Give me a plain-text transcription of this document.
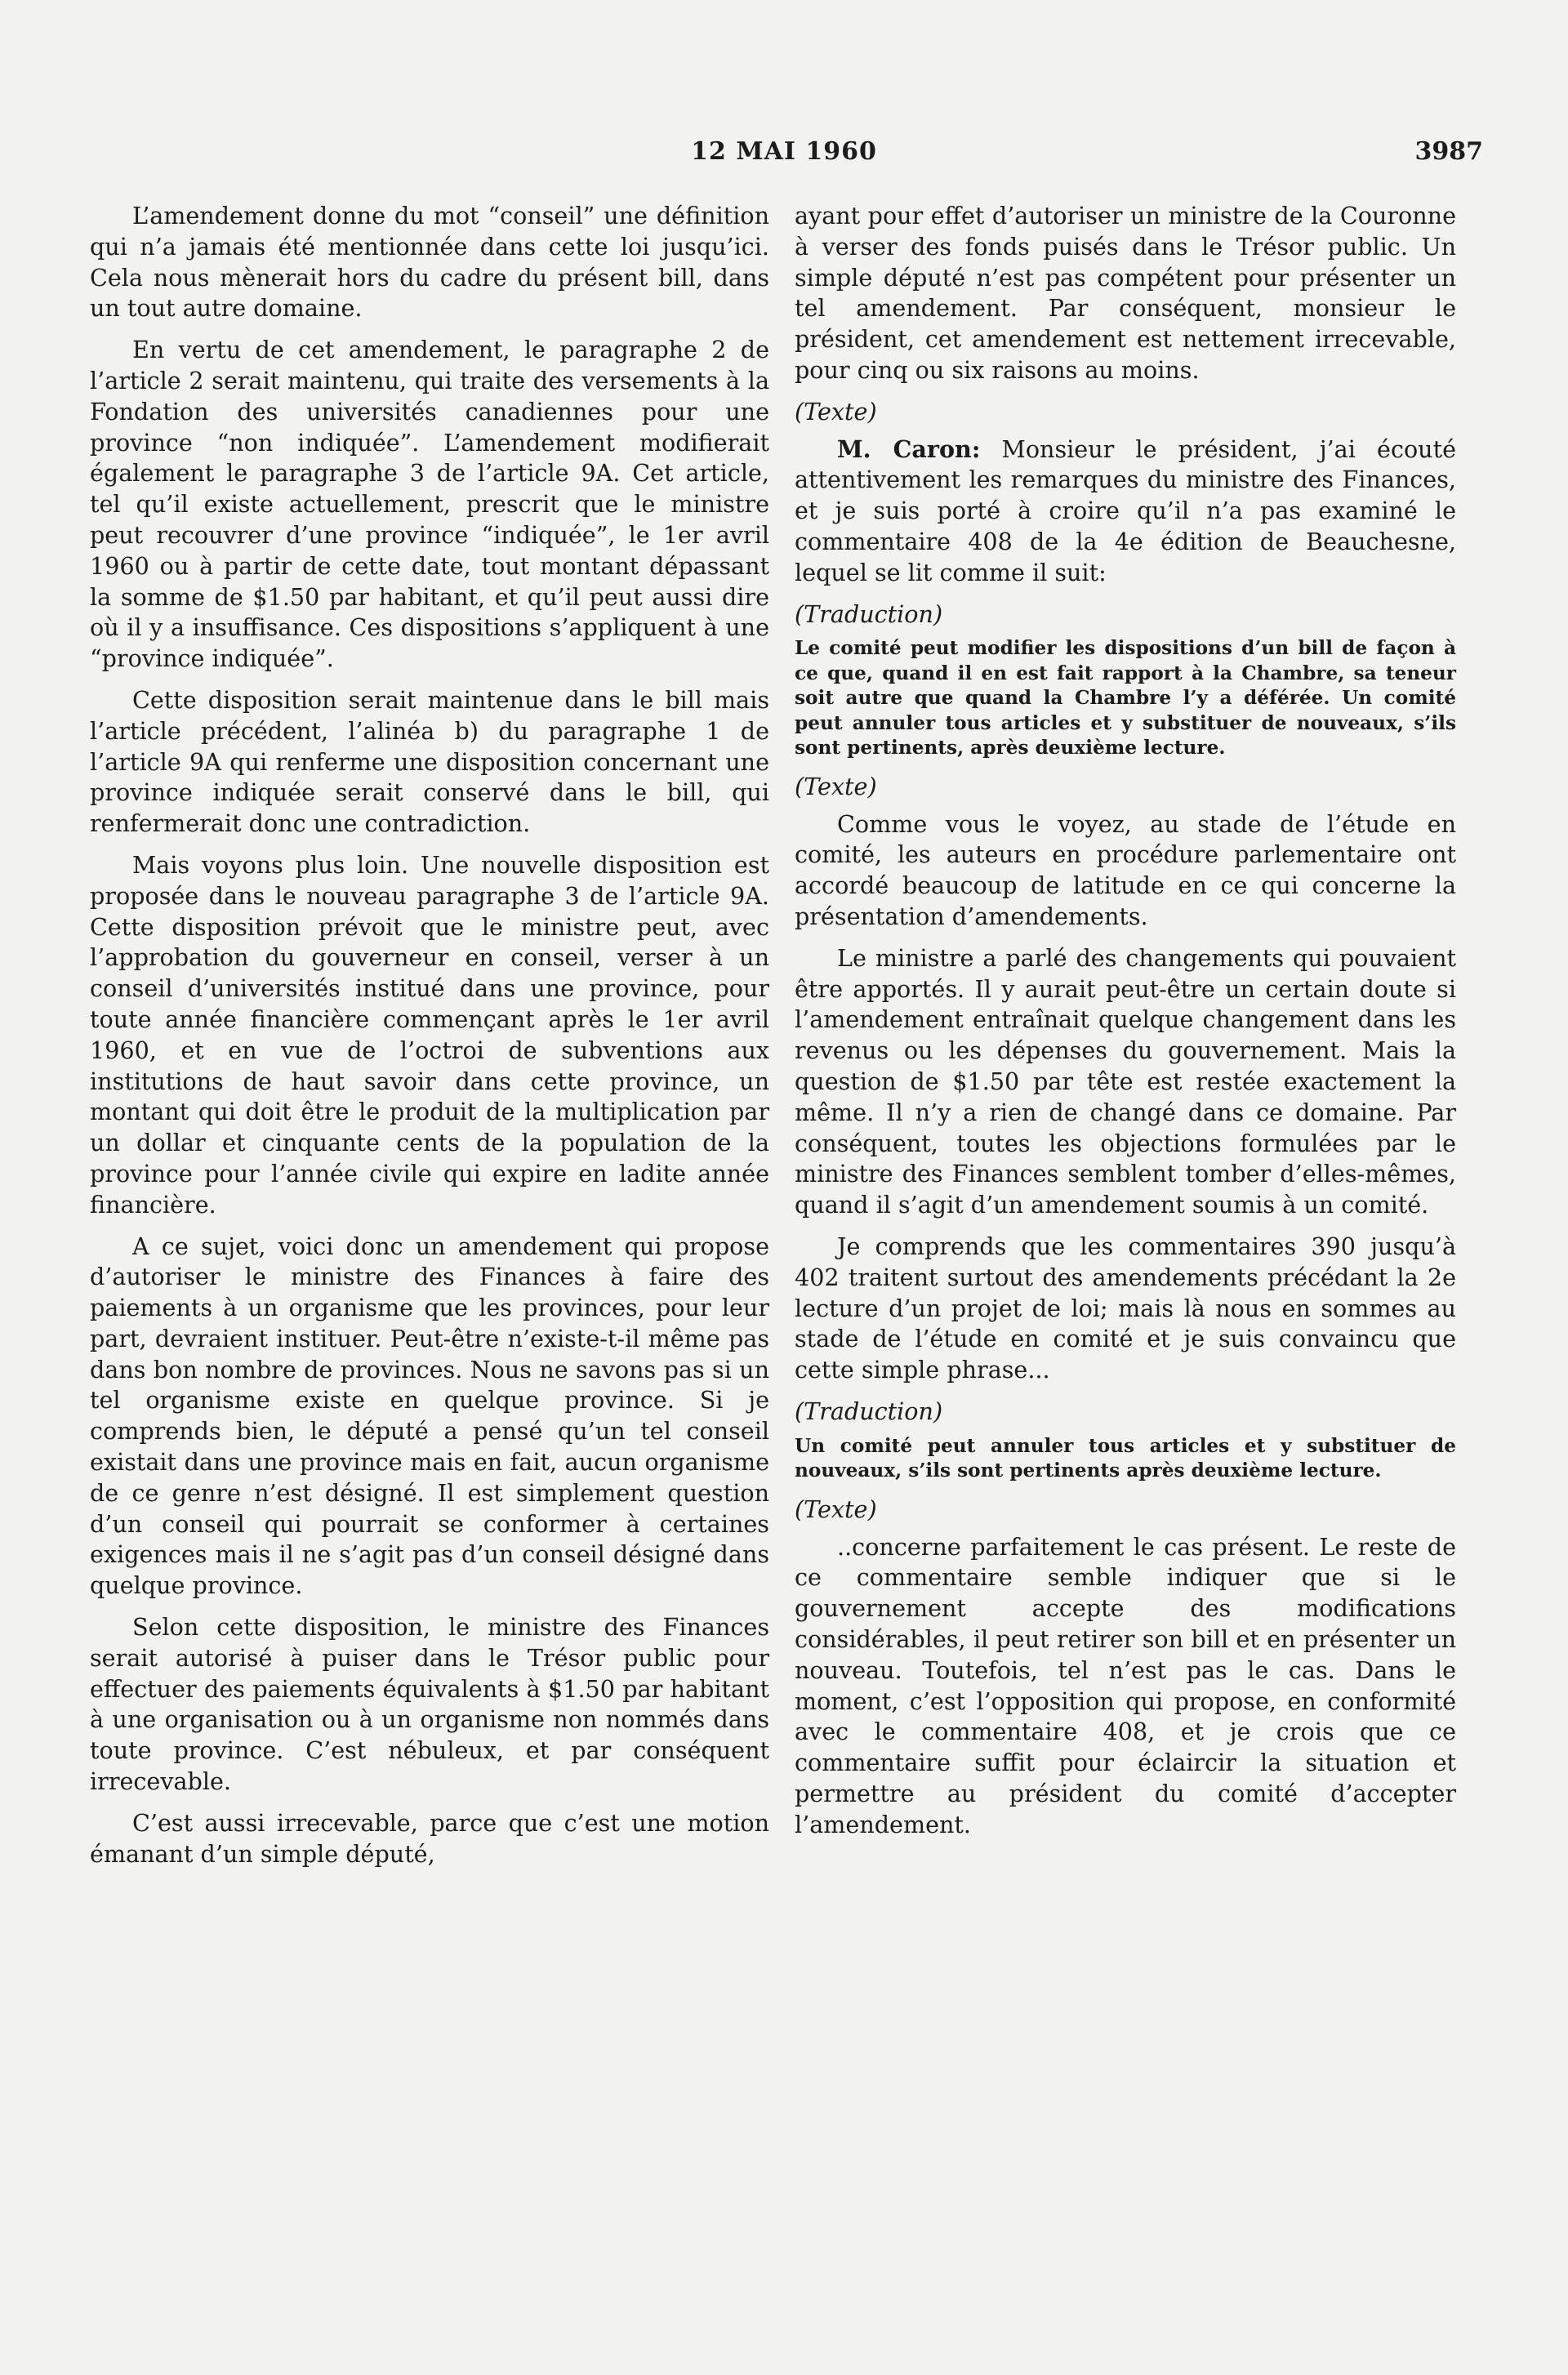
12 MAI 1960	3987

L’amendement donne du mot “conseil” une définition qui n’a jamais été mentionnée dans cette loi jusqu’ici. Cela nous mènerait hors du cadre du présent bill, dans un tout autre domaine.

En vertu de cet amendement, le paragraphe 2 de l’article 2 serait maintenu, qui traite des versements à la Fondation des universités canadiennes pour une province “non indiquée”. L’amendement modifierait également le paragraphe 3 de l’article 9A. Cet article, tel qu’il existe actuellement, prescrit que le ministre peut recouvrer d’une province “indiquée”, le 1er avril 1960 ou à partir de cette date, tout montant dépassant la somme de $1.50 par habitant, et qu’il peut aussi dire où il y a insuffisance. Ces dispositions s’appliquent à une “province indiquée”.

Cette disposition serait maintenue dans le bill mais l’article précédent, l’alinéa b) du paragraphe 1 de l’article 9A qui renferme une disposition concernant une province indiquée serait conservé dans le bill, qui renfermerait donc une contradiction.

Mais voyons plus loin. Une nouvelle disposition est proposée dans le nouveau paragraphe 3 de l’article 9A. Cette disposition prévoit que le ministre peut, avec l’approbation du gouverneur en conseil, verser à un conseil d’universités institué dans une province, pour toute année financière commençant après le 1er avril 1960, et en vue de l’octroi de subventions aux institutions de haut savoir dans cette province, un montant qui doit être le produit de la multiplication par un dollar et cinquante cents de la population de la province pour l’année civile qui expire en ladite année financière.

A ce sujet, voici donc un amendement qui propose d’autoriser le ministre des Finances à faire des paiements à un organisme que les provinces, pour leur part, devraient instituer. Peut-être n’existe-t-il même pas dans bon nombre de provinces. Nous ne savons pas si un tel organisme existe en quelque province. Si je comprends bien, le député a pensé qu’un tel conseil existait dans une province mais en fait, aucun organisme de ce genre n’est désigné. Il est simplement question d’un conseil qui pourrait se conformer à certaines exigences mais il ne s’agit pas d’un conseil désigné dans quelque province.

Selon cette disposition, le ministre des Finances serait autorisé à puiser dans le Trésor public pour effectuer des paiements équivalents à $1.50 par habitant à une organisation ou à un organisme non nommés dans toute province. C’est nébuleux, et par conséquent irrecevable.

C’est aussi irrecevable, parce que c’est une motion émanant d’un simple député,

ayant pour effet d’autoriser un ministre de la Couronne à verser des fonds puisés dans le Trésor public. Un simple député n’est pas compétent pour présenter un tel amendement. Par conséquent, monsieur le président, cet amendement est nettement irrecevable, pour cinq ou six raisons au moins.

(Texte)

M. Caron: Monsieur le président, j’ai écouté attentivement les remarques du ministre des Finances, et je suis porté à croire qu’il n’a pas examiné le commentaire 408 de la 4e édition de Beauchesne, lequel se lit comme il suit:

(Traduction)

Le comité peut modifier les dispositions d’un bill de façon à ce que, quand il en est fait rapport à la Chambre, sa teneur soit autre que quand la Chambre l’y a déférée. Un comité peut annuler tous articles et y substituer de nouveaux, s’ils sont pertinents, après deuxième lecture.

(Texte)

Comme vous le voyez, au stade de l’étude en comité, les auteurs en procédure parlementaire ont accordé beaucoup de latitude en ce qui concerne la présentation d’amendements.

Le ministre a parlé des changements qui pouvaient être apportés. Il y aurait peut-être un certain doute si l’amendement entraînait quelque changement dans les revenus ou les dépenses du gouvernement. Mais la question de $1.50 par tête est restée exactement la même. Il n’y a rien de changé dans ce domaine. Par conséquent, toutes les objections formulées par le ministre des Finances semblent tomber d’elles-mêmes, quand il s’agit d’un amendement soumis à un comité.

Je comprends que les commentaires 390 jusqu’à 402 traitent surtout des amendements précédant la 2e lecture d’un projet de loi; mais là nous en sommes au stade de l’étude en comité et je suis convaincu que cette simple phrase...

(Traduction)

Un comité peut annuler tous articles et y substituer de nouveaux, s’ils sont pertinents après deuxième lecture.

(Texte)

..concerne parfaitement le cas présent. Le reste de ce commentaire semble indiquer que si le gouvernement accepte des modifications considérables, il peut retirer son bill et en présenter un nouveau. Toutefois, tel n’est pas le cas. Dans le moment, c’est l’opposition qui propose, en conformité avec le commentaire 408, et je crois que ce commentaire suffit pour éclaircir la situation et permettre au président du comité d’accepter l’amendement.
